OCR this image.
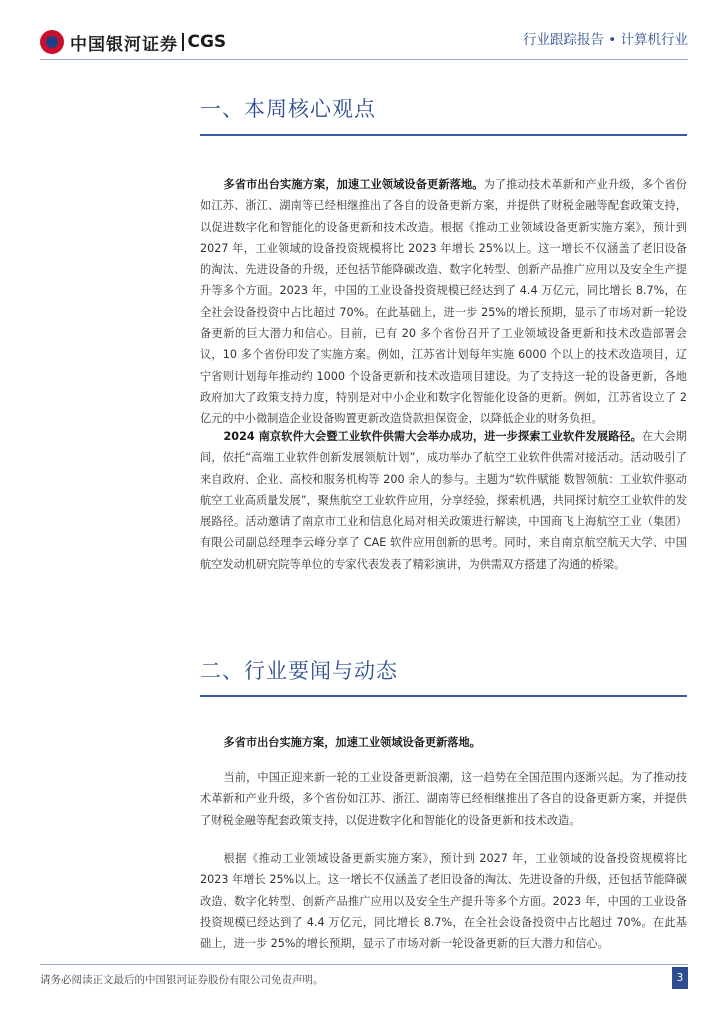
中国银河证券 CGS	行业跟踪报告 • 计算机行业
一、本周核心观点

多省市出台实施方案，加速工业领域设备更新落地。为了推动技术革新和产业升级，多个省份如江苏、浙江、湖南等已经相继推出了各自的设备更新方案，并提供了财税金融等配套政策支持，以促进数字化和智能化的设备更新和技术改造。根据《推动工业领域设备更新实施方案》，预计到 2027 年，工业领域的设备投资规模将比 2023 年增长 25%以上。这一增长不仅涵盖了老旧设备的淘汰、先进设备的升级，还包括节能降碳改造、数字化转型、创新产品推广应用以及安全生产提升等多个方面。2023 年，中国的工业设备投资规模已经达到了 4.4 万亿元，同比增长 8.7%，在全社会设备投资中占比超过 70%。在此基础上，进一步 25%的增长预期，显示了市场对新一轮设备更新的巨大潜力和信心。目前，已有 20 多个省份召开了工业领域设备更新和技术改造部署会议，10 多个省份印发了实施方案。例如，江苏省计划每年实施 6000 个以上的技术改造项目，辽宁省则计划每年推动约 1000 个设备更新和技术改造项目建设。为了支持这一轮的设备更新，各地政府加大了政策支持力度，特别是对中小企业和数字化智能化设备的更新。例如，江苏省设立了 2 亿元的中小微制造企业设备购置更新改造贷款担保资金，以降低企业的财务负担。

2024 南京软件大会暨工业软件供需大会举办成功，进一步探索工业软件发展路径。在大会期间，依托“高端工业软件创新发展领航计划”，成功举办了航空工业软件供需对接活动。活动吸引了来自政府、企业、高校和服务机构等 200 余人的参与。主题为“软件赋能 数智领航：工业软件驱动航空工业高质量发展”，聚焦航空工业软件应用，分享经验，探索机遇，共同探讨航空工业软件的发展路径。活动邀请了南京市工业和信息化局对相关政策进行解读，中国商飞上海航空工业（集团）有限公司副总经理李云峰分享了 CAE 软件应用创新的思考。同时，来自南京航空航天大学、中国航空发动机研究院等单位的专家代表发表了精彩演讲，为供需双方搭建了沟通的桥梁。

二、行业要闻与动态

多省市出台实施方案，加速工业领域设备更新落地。

当前，中国正迎来新一轮的工业设备更新浪潮，这一趋势在全国范围内逐渐兴起。为了推动技术革新和产业升级，多个省份如江苏、浙江、湖南等已经相继推出了各自的设备更新方案，并提供了财税金融等配套政策支持，以促进数字化和智能化的设备更新和技术改造。

根据《推动工业领域设备更新实施方案》，预计到 2027 年，工业领域的设备投资规模将比 2023 年增长 25%以上。这一增长不仅涵盖了老旧设备的淘汰、先进设备的升级，还包括节能降碳改造、数字化转型、创新产品推广应用以及安全生产提升等多个方面。2023 年，中国的工业设备投资规模已经达到了 4.4 万亿元，同比增长 8.7%，在全社会设备投资中占比超过 70%。在此基础上，进一步 25%的增长预期，显示了市场对新一轮设备更新的巨大潜力和信心。

请务必阅读正文最后的中国银河证券股份有限公司免责声明。	3
